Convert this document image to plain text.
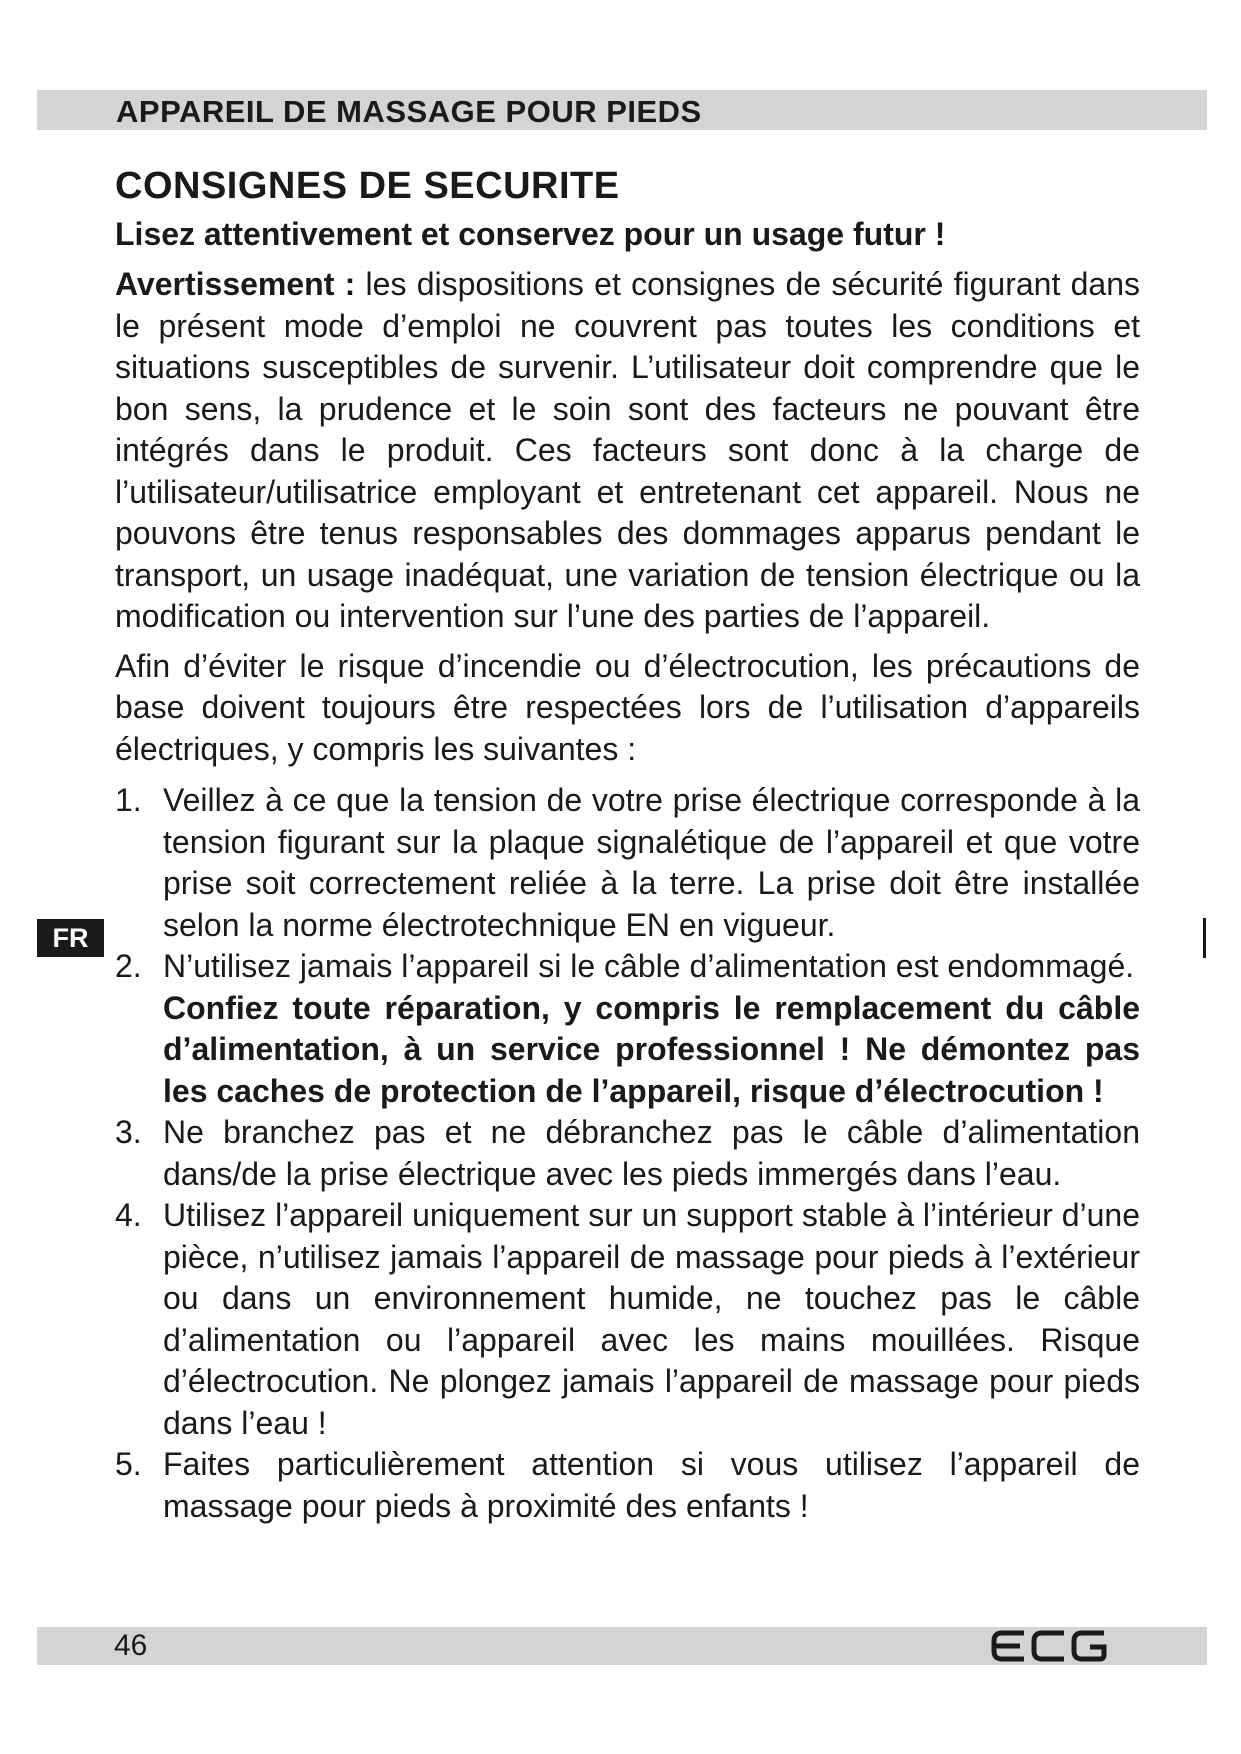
APPAREIL DE MASSAGE POUR PIEDS
CONSIGNES DE SECURITE

Lisez attentivement et conservez pour un usage futur !

Avertissement : les dispositions et consignes de sécurité figurant dans le présent mode d’emploi ne couvrent pas toutes les conditions et situations susceptibles de survenir. L’utilisateur doit comprendre que le bon sens, la prudence et le soin sont des facteurs ne pouvant être intégrés dans le produit. Ces facteurs sont donc à la charge de l’utilisateur/utilisatrice employant et entretenant cet appareil. Nous ne pouvons être tenus responsables des dommages apparus pendant le transport, un usage inadéquat, une variation de tension électrique ou la modification ou intervention sur l’une des parties de l’appareil.

Afin d’éviter le risque d’incendie ou d’électrocution, les précautions de base doivent toujours être respectées lors de l’utilisation d’appareils électriques, y compris les suivantes :

1. Veillez à ce que la tension de votre prise électrique corresponde à la tension figurant sur la plaque signalétique de l’appareil et que votre prise soit correctement reliée à la terre. La prise doit être installée selon la norme électrotechnique EN en vigueur.
2. N’utilisez jamais l’appareil si le câble d’alimentation est endommagé.
Confiez toute réparation, y compris le remplacement du câble d’alimentation, à un service professionnel ! Ne démontez pas les caches de protection de l’appareil, risque d’électrocution !
3. Ne branchez pas et ne débranchez pas le câble d’alimentation dans/de la prise électrique avec les pieds immergés dans l’eau.
4. Utilisez l’appareil uniquement sur un support stable à l’intérieur d’une pièce, n’utilisez jamais l’appareil de massage pour pieds à l’extérieur ou dans un environnement humide, ne touchez pas le câble d’alimentation ou l’appareil avec les mains mouillées. Risque d’électrocution. Ne plongez jamais l’appareil de massage pour pieds dans l’eau !
5. Faites particulièrement attention si vous utilisez l’appareil de massage pour pieds à proximité des enfants !
FR
46
